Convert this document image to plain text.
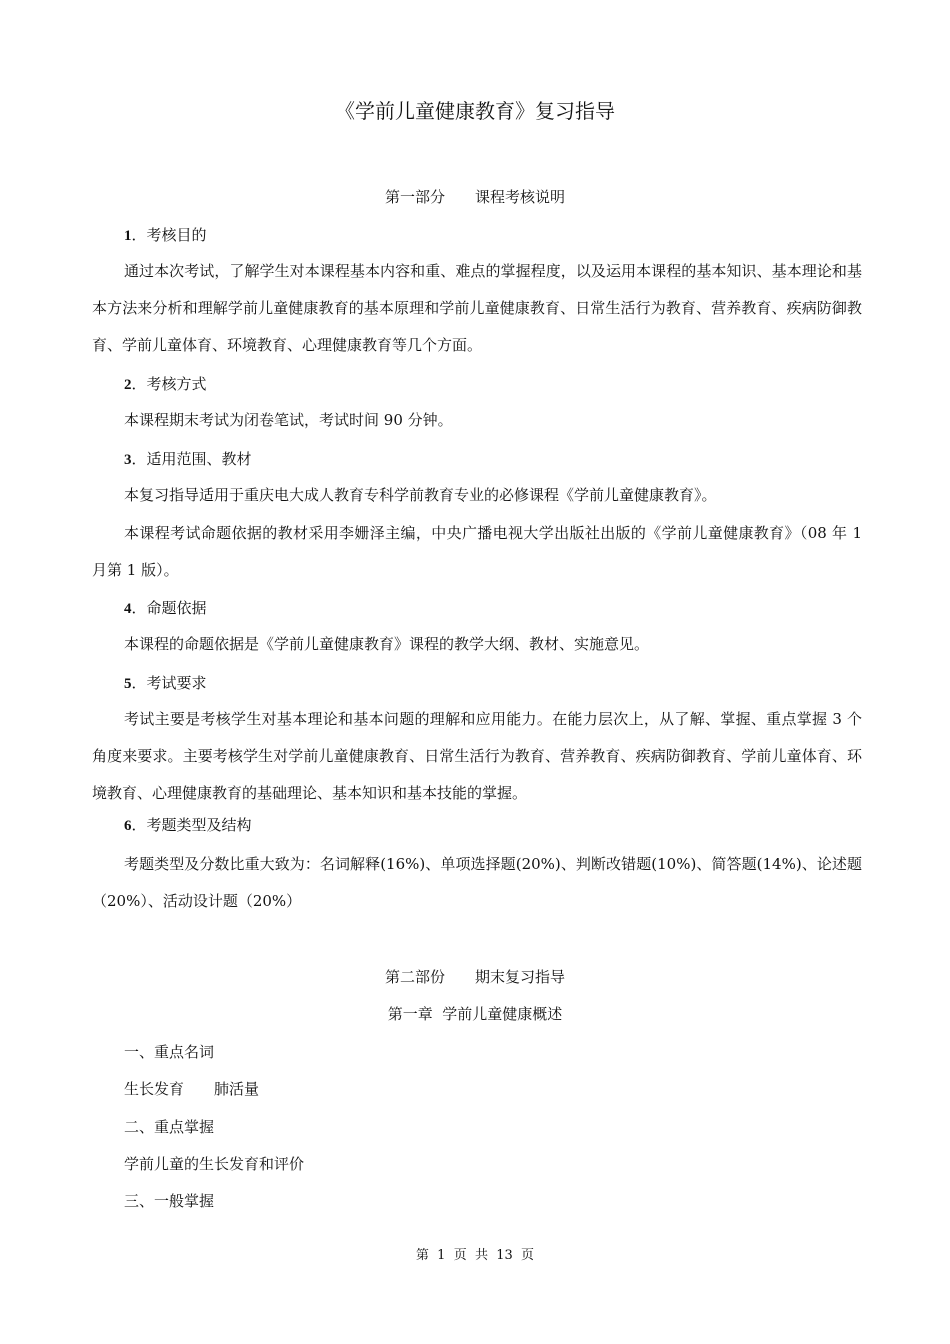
《学前儿童健康教育》复习指导
第一部分　　课程考核说明
1．考核目的
通过本次考试，了解学生对本课程基本内容和重、难点的掌握程度，以及运用本课程的基本知识、基本理论和基本方法来分析和理解学前儿童健康教育的基本原理和学前儿童健康教育、日常生活行为教育、营养教育、疾病防御教育、学前儿童体育、环境教育、心理健康教育等几个方面。
2．考核方式
本课程期末考试为闭卷笔试，考试时间 90 分钟。
3．适用范围、教材
本复习指导适用于重庆电大成人教育专科学前教育专业的必修课程《学前儿童健康教育》。
本课程考试命题依据的教材采用李姗泽主编，中央广播电视大学出版社出版的《学前儿童健康教育》（08 年 1 月第 1 版）。
4．命题依据
本课程的命题依据是《学前儿童健康教育》课程的教学大纲、教材、实施意见。
5．考试要求
考试主要是考核学生对基本理论和基本问题的理解和应用能力。在能力层次上，从了解、掌握、重点掌握 3 个角度来要求。主要考核学生对学前儿童健康教育、日常生活行为教育、营养教育、疾病防御教育、学前儿童体育、环境教育、心理健康教育的基础理论、基本知识和基本技能的掌握。
6．考题类型及结构
考题类型及分数比重大致为：名词解释(16%)、单项选择题(20%)、判断改错题(10%)、简答题(14%)、论述题（20%）、活动设计题（20%）
第二部份　　期末复习指导
第一章  学前儿童健康概述
一、重点名词
生长发育　　肺活量
二、重点掌握
学前儿童的生长发育和评价
三、一般掌握
第  1  页  共  13  页
